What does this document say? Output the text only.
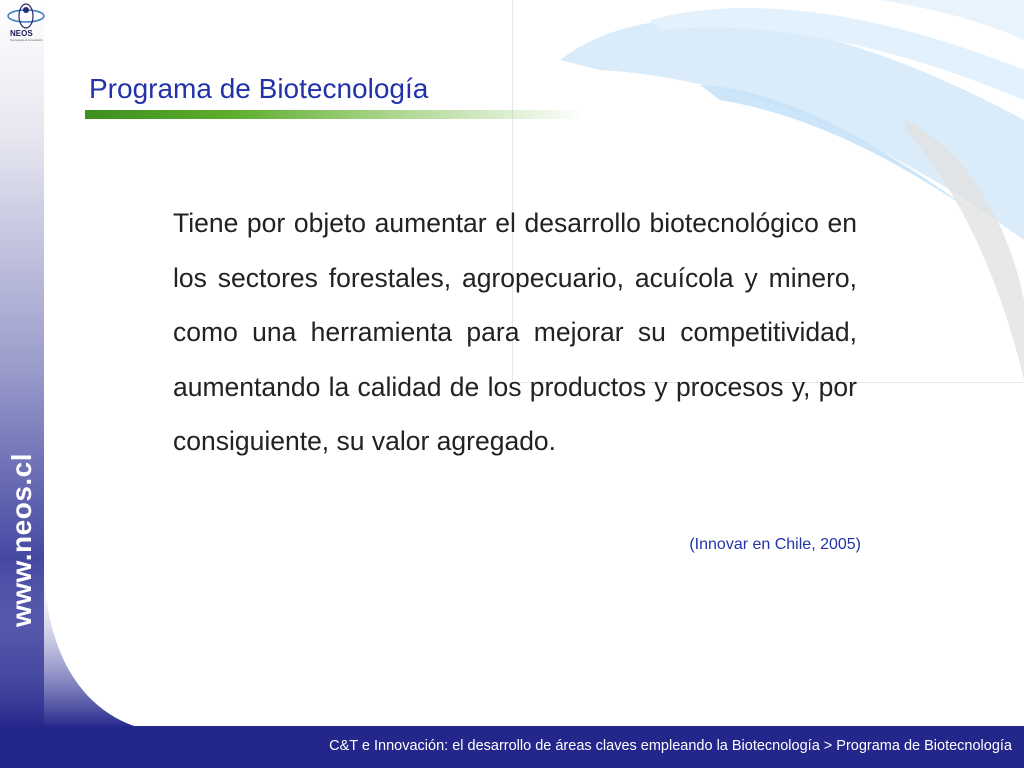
NEOS
Tecnología & Innovación
www.neos.cl
Programa de Biotecnología

Tiene por objeto aumentar el desarrollo biotecnológico en los sectores forestales, agropecuario, acuícola y minero, como una herramienta para mejorar su competitividad, aumentando la calidad de los productos y procesos y, por consiguiente, su valor agregado.

(Innovar en Chile, 2005)
C&T e Innovación: el desarrollo de áreas claves empleando la Biotecnología > Programa de Biotecnología
